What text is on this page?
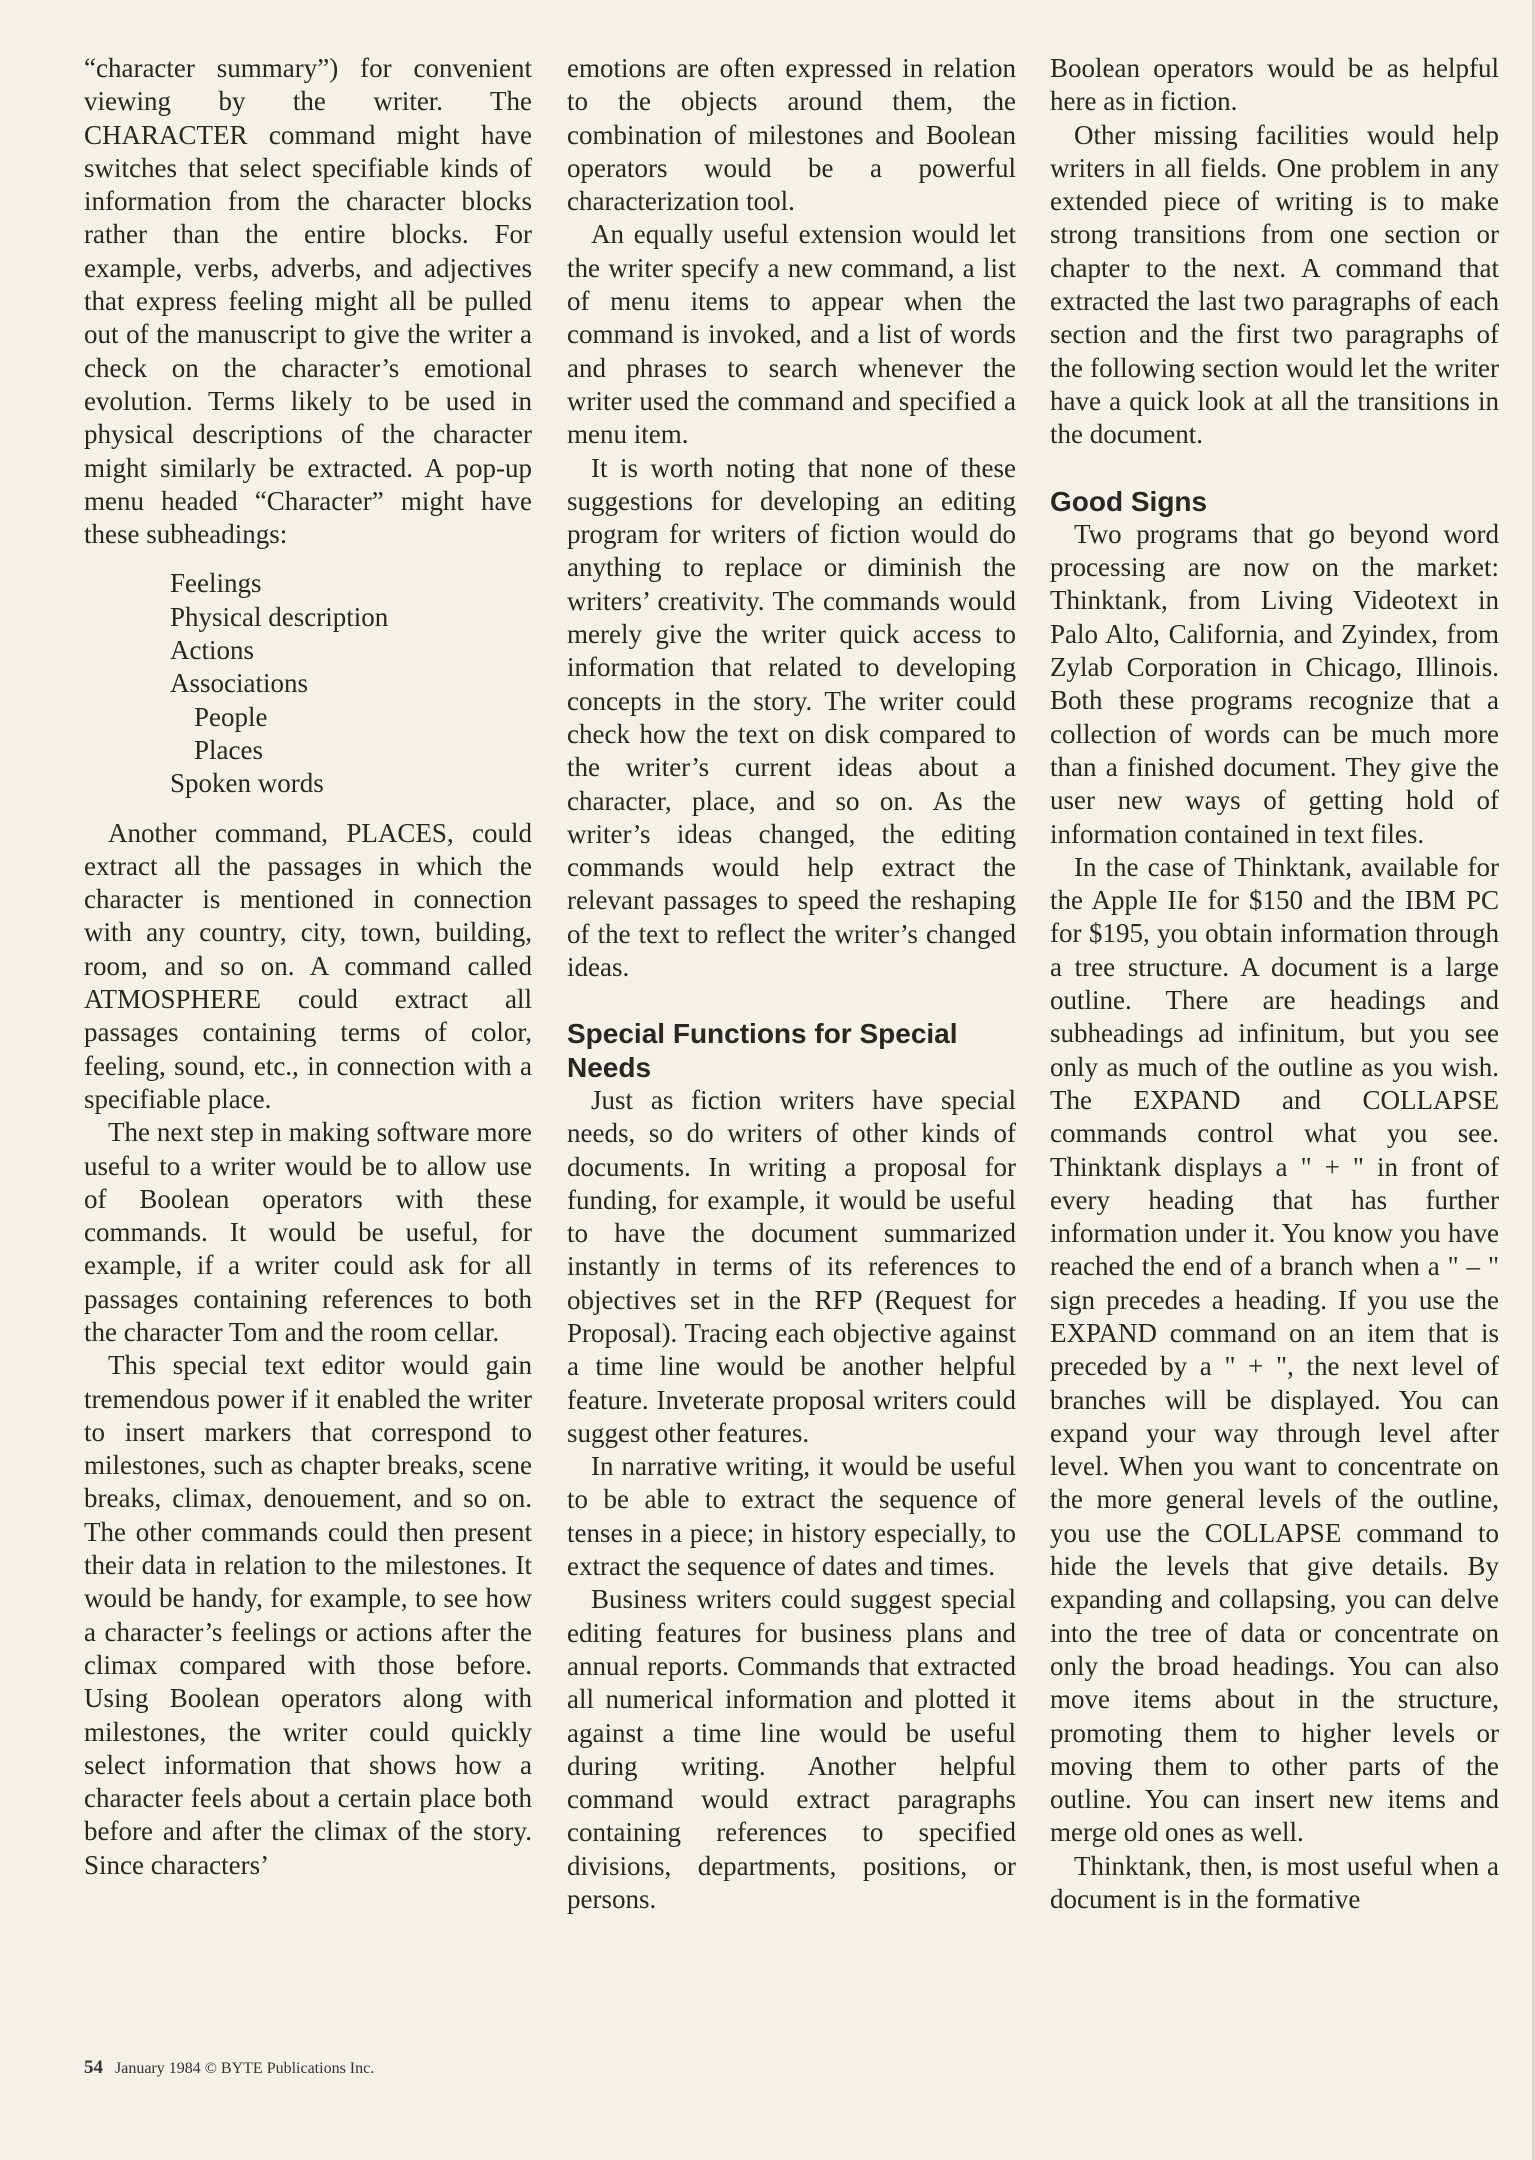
“character summary”) for convenient viewing by the writer. The CHARACTER command might have switches that select specifiable kinds of information from the character blocks rather than the entire blocks. For example, verbs, adverbs, and adjectives that express feeling might all be pulled out of the manuscript to give the writer a check on the character’s emotional evolution. Terms likely to be used in physical descriptions of the character might similarly be extracted. A pop-up menu headed “Character” might have these subheadings:

Feelings
Physical description
Actions
Associations
People
Places
Spoken words

Another command, PLACES, could extract all the passages in which the character is mentioned in connection with any country, city, town, building, room, and so on. A command called ATMOSPHERE could extract all passages containing terms of color, feeling, sound, etc., in connection with a specifiable place.

The next step in making software more useful to a writer would be to allow use of Boolean operators with these commands. It would be useful, for example, if a writer could ask for all passages containing references to both the character Tom and the room cellar.

This special text editor would gain tremendous power if it enabled the writer to insert markers that correspond to milestones, such as chapter breaks, scene breaks, climax, denouement, and so on. The other commands could then present their data in relation to the milestones. It would be handy, for example, to see how a character’s feelings or actions after the climax compared with those before. Using Boolean operators along with milestones, the writer could quickly select information that shows how a character feels about a certain place both before and after the climax of the story. Since characters’

emotions are often expressed in relation to the objects around them, the combination of milestones and Boolean operators would be a powerful characterization tool.

An equally useful extension would let the writer specify a new command, a list of menu items to appear when the command is invoked, and a list of words and phrases to search whenever the writer used the command and specified a menu item.

It is worth noting that none of these suggestions for developing an editing program for writers of fiction would do anything to replace or diminish the writers’ creativity. The commands would merely give the writer quick access to information that related to developing concepts in the story. The writer could check how the text on disk compared to the writer’s current ideas about a character, place, and so on. As the writer’s ideas changed, the editing commands would help extract the relevant passages to speed the reshaping of the text to reflect the writer’s changed ideas.

Special Functions for Special Needs

Just as fiction writers have special needs, so do writers of other kinds of documents. In writing a proposal for funding, for example, it would be useful to have the document summarized instantly in terms of its references to objectives set in the RFP (Request for Proposal). Tracing each objective against a time line would be another helpful feature. Inveterate proposal writers could suggest other features.

In narrative writing, it would be useful to be able to extract the sequence of tenses in a piece; in history especially, to extract the sequence of dates and times.

Business writers could suggest special editing features for business plans and annual reports. Commands that extracted all numerical information and plotted it against a time line would be useful during writing. Another helpful command would extract paragraphs containing references to specified divisions, departments, positions, or persons.

Boolean operators would be as helpful here as in fiction.

Other missing facilities would help writers in all fields. One problem in any extended piece of writing is to make strong transitions from one section or chapter to the next. A command that extracted the last two paragraphs of each section and the first two paragraphs of the following section would let the writer have a quick look at all the transitions in the document.

Good Signs

Two programs that go beyond word processing are now on the market: Thinktank, from Living Videotext in Palo Alto, California, and Zyindex, from Zylab Corporation in Chicago, Illinois. Both these programs recognize that a collection of words can be much more than a finished document. They give the user new ways of getting hold of information contained in text files.

In the case of Thinktank, available for the Apple IIe for $150 and the IBM PC for $195, you obtain information through a tree structure. A document is a large outline. There are headings and subheadings ad infinitum, but you see only as much of the outline as you wish. The EXPAND and COLLAPSE commands control what you see. Thinktank displays a " + " in front of every heading that has further information under it. You know you have reached the end of a branch when a " – " sign precedes a heading. If you use the EXPAND command on an item that is preceded by a " + ", the next level of branches will be displayed. You can expand your way through level after level. When you want to concentrate on the more general levels of the outline, you use the COLLAPSE command to hide the levels that give details. By expanding and collapsing, you can delve into the tree of data or concentrate on only the broad headings. You can also move items about in the structure, promoting them to higher levels or moving them to other parts of the outline. You can insert new items and merge old ones as well.

Thinktank, then, is most useful when a document is in the formative

54 January 1984 © BYTE Publications Inc.
